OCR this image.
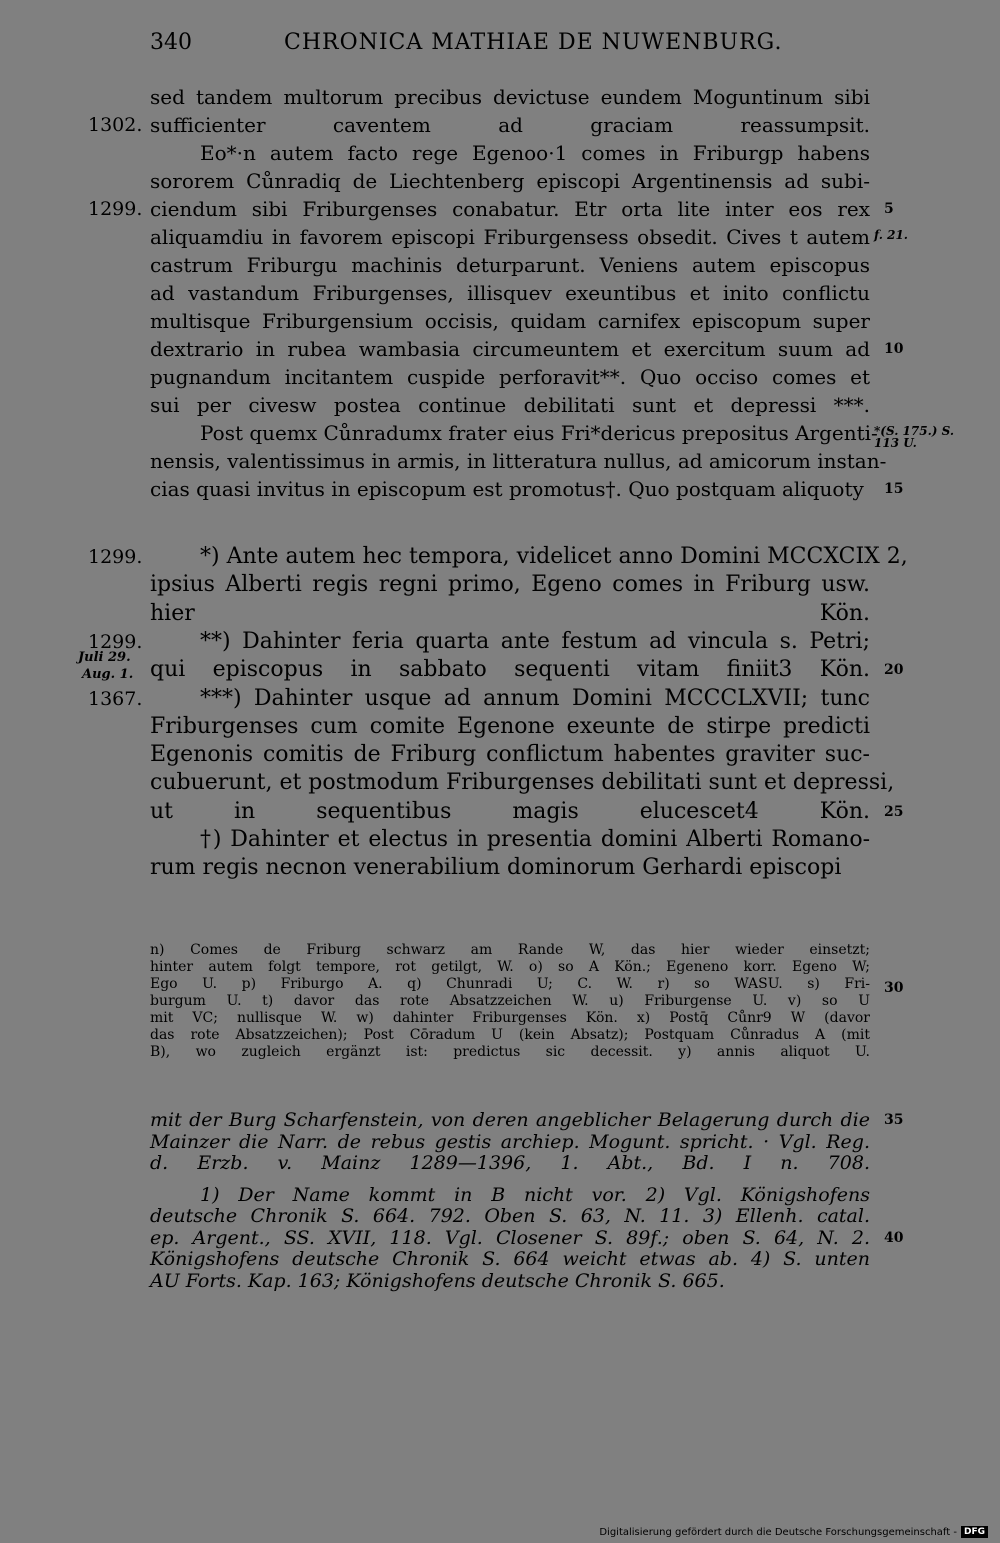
340	CHRONICA MATHIAE DE NUWENBURG.
sed tandem multorum precibus devictuse eundem Moguntinum sibi
sufficienter caventem ad graciam reassumpsit.
1302.
Eo*·n autem facto rege Egenoo·1 comes in Friburgp habens
sororem Cůnradiq de Liechtenberg episcopi Argentinensis ad subi-
ciendum sibi Friburgenses conabatur. Etr orta lite inter eos rex
1299.	5
aliquamdiu in favorem episcopi Friburgensess obsedit. Cives t autem f. 21.
castrum Friburgu machinis deturparunt. Veniens autem episcopus
ad vastandum Friburgenses, illisquev exeuntibus et inito conflictu
multisque Friburgensium occisis, quidam carnifex episcopum super
dextrario in rubea wambasia circumeuntem et exercitum suum ad 10
pugnandum incitantem cuspide perforavit**. Quo occiso comes et
sui per civesw postea continue debilitati sunt et depressi ***.
Post quemx Cůnradumx frater eius Fri*dericus prepositus Argenti-
*(S. 175.) S. 113 U.
nensis, valentissimus in armis, in litteratura nullus, ad amicorum instan-
cias quasi invitus in episcopum est promotus†. Quo postquam aliquoty	15
*) Ante autem hec tempora, videlicet anno Domini MCCXCIX 2,
1299.
ipsius Alberti regis regni primo, Egeno comes in Friburg usw.
hier Kön.
**) Dahinter feria quarta ante festum ad vincula s. Petri;
1299.
qui episcopus in sabbato sequenti vitam finiit3 Kön. 20
***) Dahinter usque ad annum Domini MCCCLXVII; tunc
1367.
Friburgenses cum comite Egenone exeunte de stirpe predicti
Egenonis comitis de Friburg conflictum habentes graviter suc-
cubuerunt, et postmodum Friburgenses debilitati sunt et depressi,
ut in sequentibus magis elucescet4 Kön. 25
†) Dahinter et electus in presentia domini Alberti Romano-
rum regis necnon venerabilium dominorum Gerhardi episcopi
n) Comes de Friburg schwarz am Rande W, das hier wieder einsetzt;
hinter autem folgt tempore, rot getilgt, W. o) so A Kön.; Egeneno korr. Egeno W;
Ego U. p) Friburgo A. q) Chunradi U; C. W. r) so WASU. s) Fri- 30
burgum U. t) davor das rote Absatzzeichen W. u) Friburgense U. v) so U
mit VC; nullisque W. w) dahinter Friburgenses Kön. x) Postq̄ Cůnr9 W (davor
das rote Absatzzeichen); Post Cōradum U (kein Absatz); Postquam Cůnradus A (mit
B), wo zugleich ergänzt ist: predictus sic decessit. y) annis aliquot U.
mit der Burg Scharfenstein, von deren angeblicher Belagerung durch die 35
Mainzer die Narr. de rebus gestis archiep. Mogunt. spricht. · Vgl. Reg.
d. Erzb. v. Mainz 1289—1396, 1. Abt., Bd. I n. 708.
1) Der Name kommt in B nicht vor. 2) Vgl. Königshofens
deutsche Chronik S. 664. 792. Oben S. 63, N. 11. 3) Ellenh. catal.
ep. Argent., SS. XVII, 118. Vgl. Closener S. 89f.; oben S. 64, N. 2. 40
Königshofens deutsche Chronik S. 664 weicht etwas ab. 4) S. unten
AU Forts. Kap. 163; Königshofens deutsche Chronik S. 665.
Juli 29.
Aug. 1.
Digitalisierung gefördert durch die Deutsche Forschungsgemeinschaft - DFG
